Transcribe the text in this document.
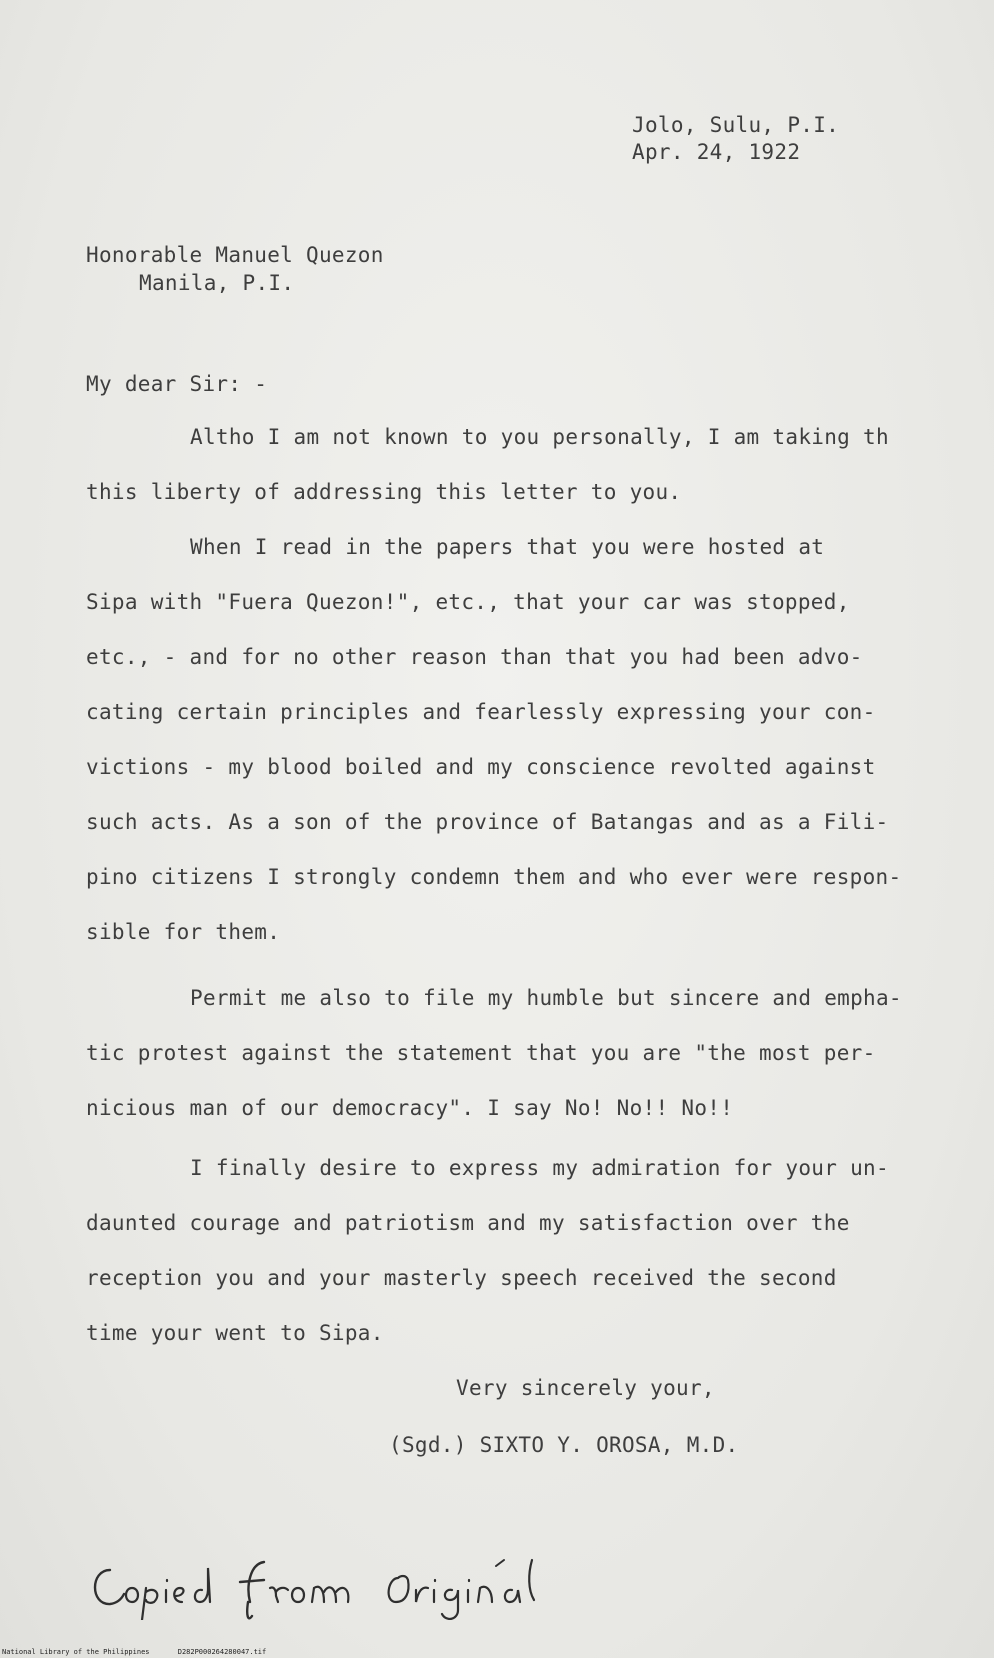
Jolo, Sulu, P.I.
Apr. 24, 1922
Honorable Manuel Quezon
Manila, P.I.
My dear Sir: -
Altho I am not known to you personally, I am taking th
this liberty of addressing this letter to you.
When I read in the papers that you were hosted at
Sipa with "Fuera Quezon!", etc., that your car was stopped,
etc., - and for no other reason than that you had been advo-
cating certain principles and fearlessly expressing your con-
victions - my blood boiled and my conscience revolted against
such acts. As a son of the province of Batangas and as a Fili-
pino citizens I strongly condemn them and who ever were respon-
sible for them.
Permit me also to file my humble but sincere and empha-
tic protest against the statement that you are "the most per-
nicious man of our democracy". I say No! No!! No!!
I finally desire to express my admiration for your un-
daunted courage and patriotism and my satisfaction over the
reception you and your masterly speech received the second
time your went to Sipa.
Very sincerely your,
(Sgd.) SIXTO Y. OROSA, M.D.
National Library of the Philippines	D282P000264280047.tif
